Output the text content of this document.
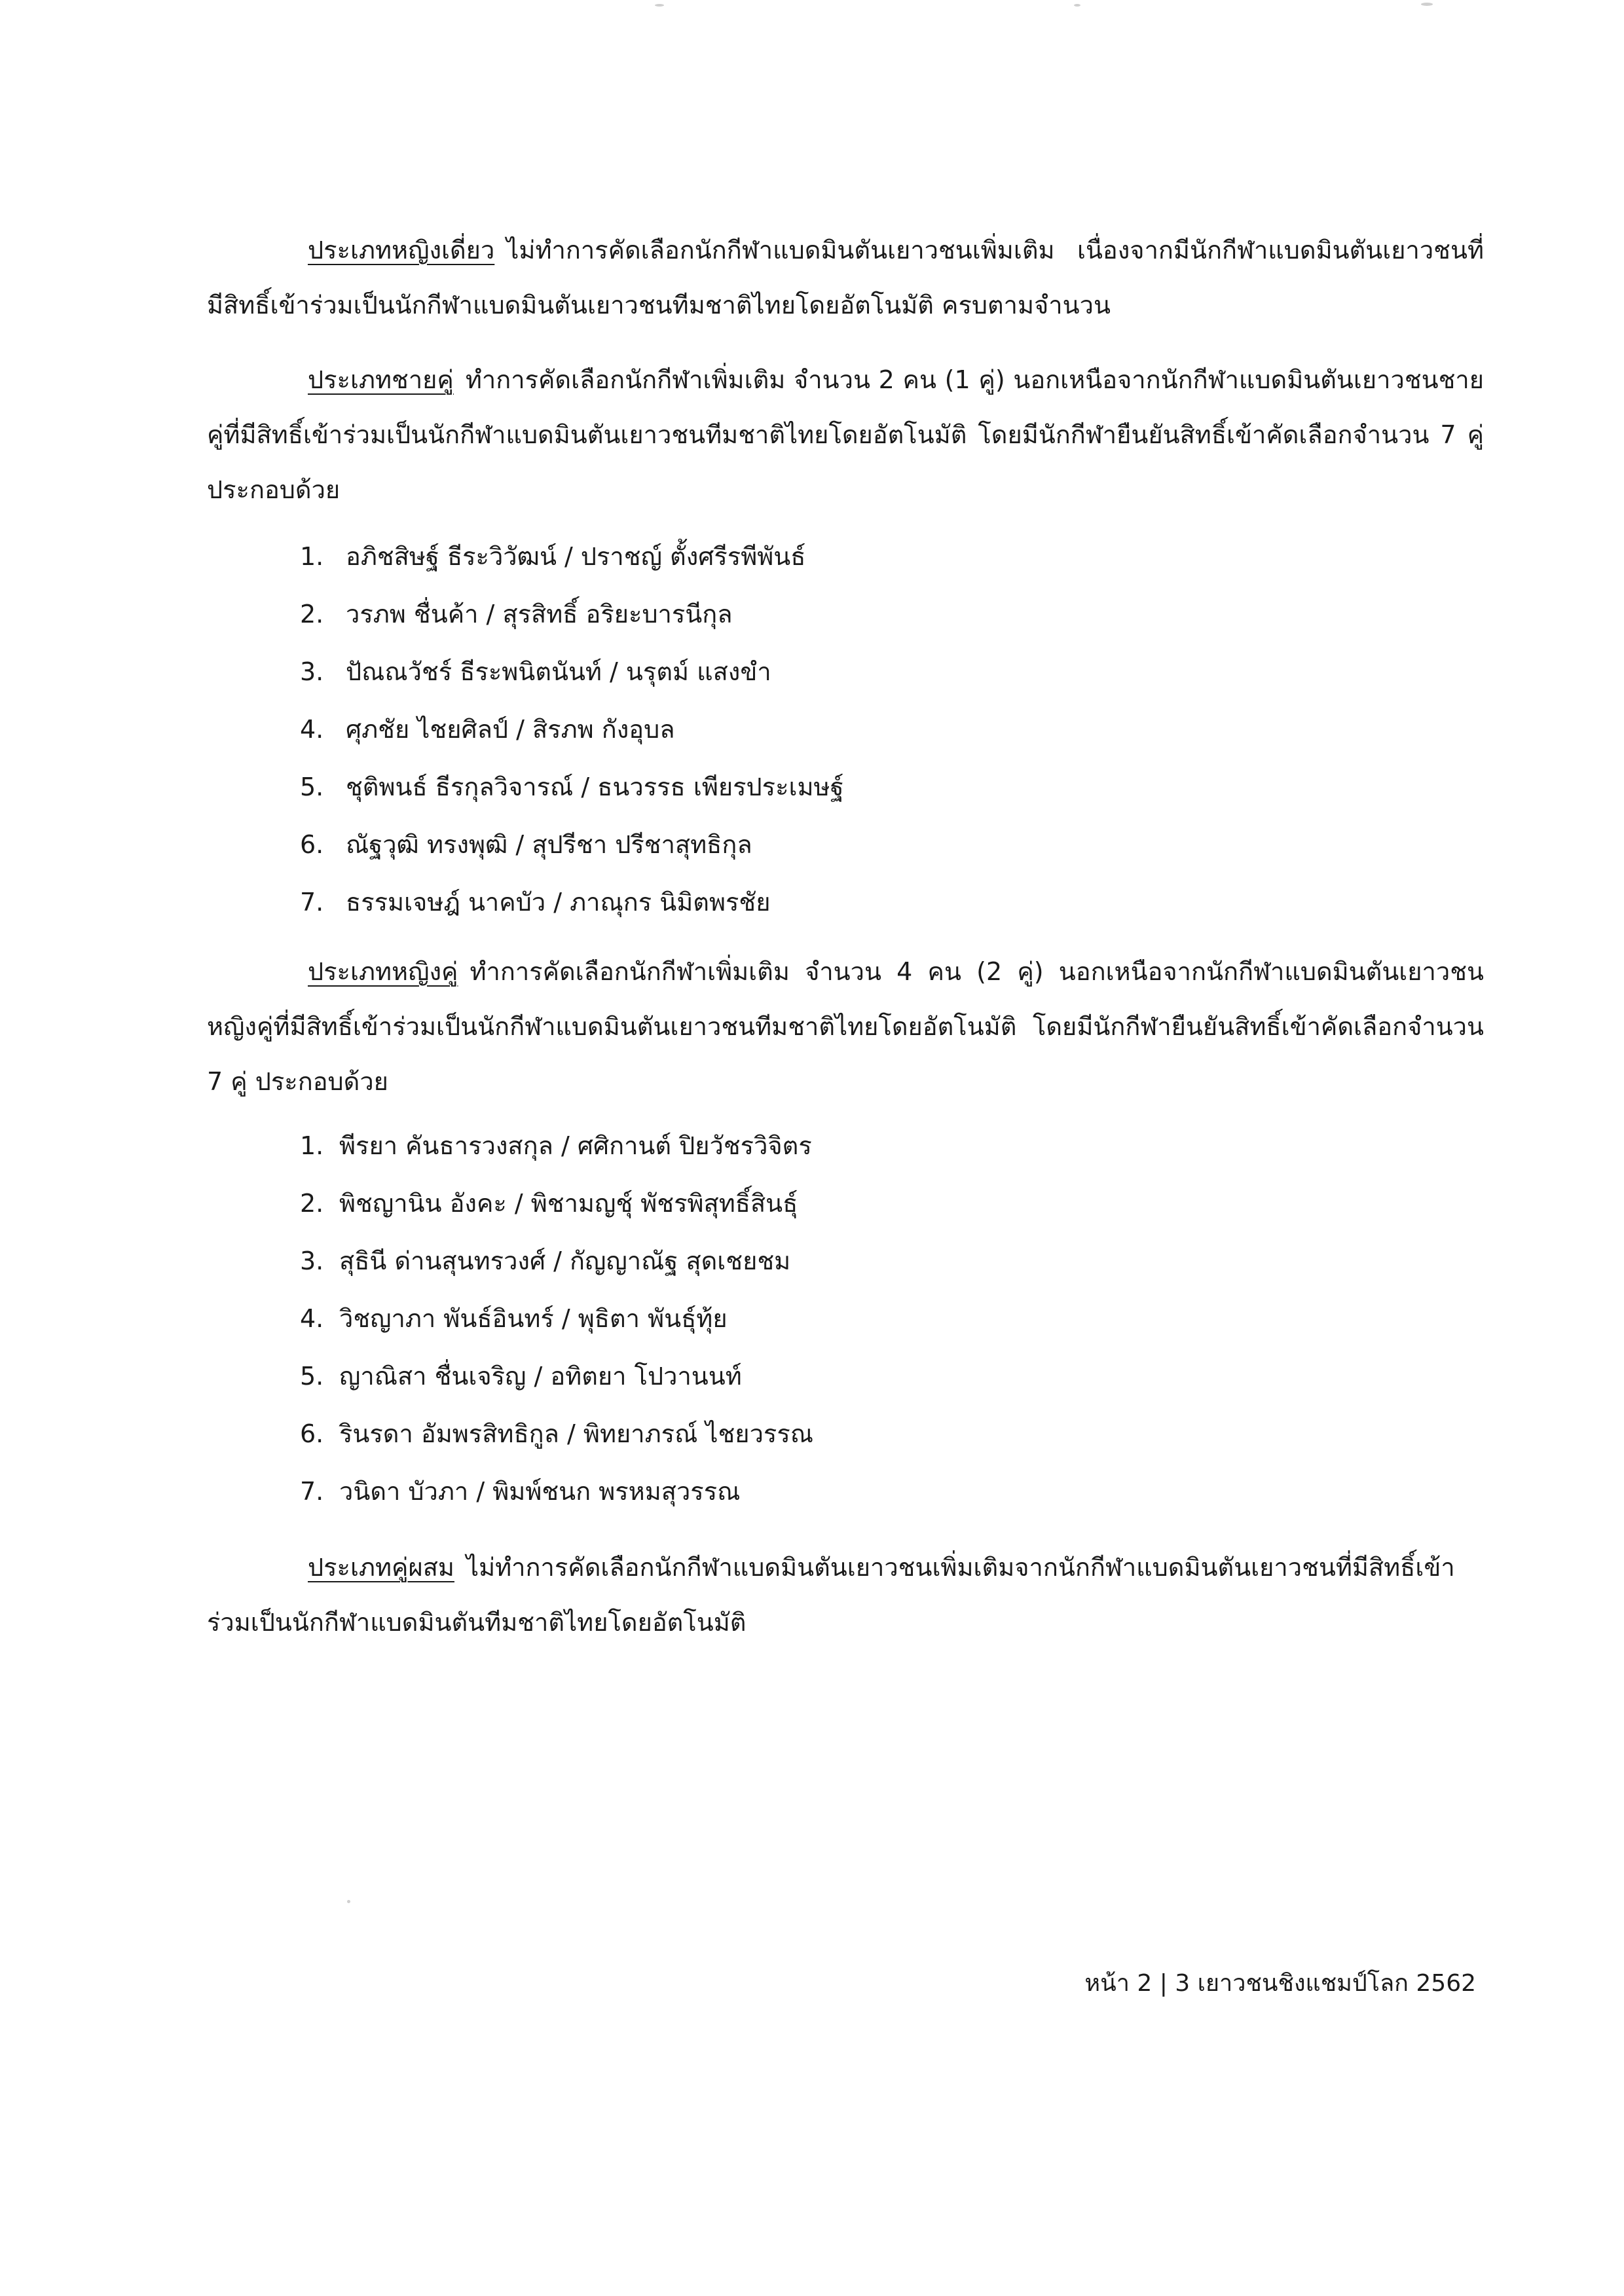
ประเภทหญิงเดี่ยว ไม่ทำการคัดเลือกนักกีฬาแบดมินตันเยาวชนเพิ่มเติม เนื่องจากมีนักกีฬาแบดมินตันเยาวชนที่มีสิทธิ์เข้าร่วมเป็นนักกีฬาแบดมินตันเยาวชนทีมชาติไทยโดยอัตโนมัติ ครบตามจำนวน

ประเภทชายคู่ ทำการคัดเลือกนักกีฬาเพิ่มเติม จำนวน 2 คน (1 คู่) นอกเหนือจากนักกีฬาแบดมินตันเยาวชนชายคู่ที่มีสิทธิ์เข้าร่วมเป็นนักกีฬาแบดมินตันเยาวชนทีมชาติไทยโดยอัตโนมัติ โดยมีนักกีฬายืนยันสิทธิ์เข้าคัดเลือกจำนวน 7 คู่ ประกอบด้วย

1. อภิชสิษฐ์ ธีระวิวัฒน์ / ปราชญ์ ตั้งศรีรพีพันธ์
2. วรภพ ชื่นค้า / สุรสิทธิ์ อริยะบารนีกุล
3. ปัณณวัชร์ ธีระพนิตนันท์ / นรุตม์ แสงขำ
4. ศุภชัย ไชยศิลป์ / สิรภพ กังอุบล
5. ชุติพนธ์ ธีรกุลวิจารณ์ / ธนวรรธ เพียรประเมษฐ์
6. ณัฐวุฒิ ทรงพุฒิ / สุปรีชา ปรีชาสุทธิกุล
7. ธรรมเจษฎ์ นาคบัว / ภาณุกร นิมิตพรชัย

ประเภทหญิงคู่ ทำการคัดเลือกนักกีฬาเพิ่มเติม จำนวน 4 คน (2 คู่) นอกเหนือจากนักกีฬาแบดมินตันเยาวชนหญิงคู่ที่มีสิทธิ์เข้าร่วมเป็นนักกีฬาแบดมินตันเยาวชนทีมชาติไทยโดยอัตโนมัติ โดยมีนักกีฬายืนยันสิทธิ์เข้าคัดเลือกจำนวน 7 คู่ ประกอบด้วย

1. พีรยา คันธารวงสกุล / ศศิกานต์ ปิยวัชรวิจิตร
2. พิชญานิน อังคะ / พิชามญชุ์ พัชรพิสุทธิ์สินธุ์
3. สุธินี ด่านสุนทรวงศ์ / กัญญาณัฐ สุดเชยชม
4. วิชญาภา พันธ์อินทร์ / พุธิตา พันธุ์ทุ้ย
5. ญาณิสา ชื่นเจริญ / อทิตยา โปวานนท์
6. รินรดา อัมพรสิทธิกูล / พิทยาภรณ์ ไชยวรรณ
7. วนิดา บัวภา / พิมพ์ชนก พรหมสุวรรณ

ประเภทคู่ผสม ไม่ทำการคัดเลือกนักกีฬาแบดมินตันเยาวชนเพิ่มเติมจากนักกีฬาแบดมินตันเยาวชนที่มีสิทธิ์เข้าร่วมเป็นนักกีฬาแบดมินตันทีมชาติไทยโดยอัตโนมัติ

หน้า 2 | 3 เยาวชนชิงแชมป์โลก 2562
